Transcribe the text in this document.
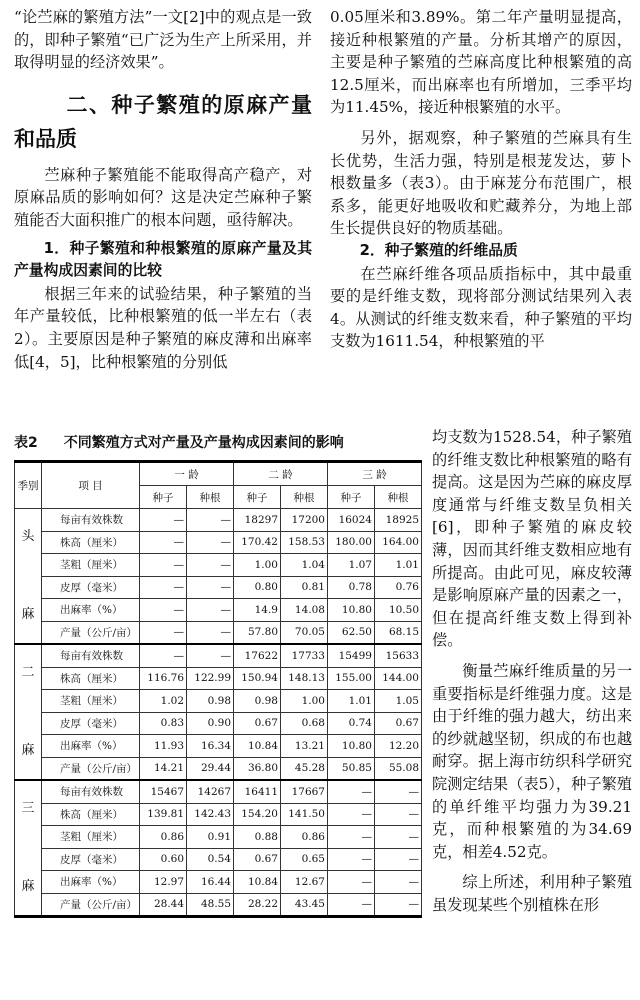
“论苎麻的繁殖方法”一文[2]中的观点是一致的，即种子繁殖“已广泛为生产上所采用，并取得明显的经济效果”。

二、种子繁殖的原麻产量和品质

苎麻种子繁殖能不能取得高产稳产，对原麻品质的影响如何？这是决定苎麻种子繁殖能否大面积推广的根本问题，亟待解决。

1．种子繁殖和种根繁殖的原麻产量及其产量构成因素间的比较

根据三年来的试验结果，种子繁殖的当年产量较低，比种根繁殖的低一半左右（表2）。主要原因是种子繁殖的麻皮薄和出麻率低[4，5]，比种根繁殖的分别低

0.05厘米和3.89%。第二年产量明显提高，接近种根繁殖的产量。分析其增产的原因，主要是种子繁殖的苎麻高度比种根繁殖的高12.5厘米，而出麻率也有所增加，三季平均为11.45%，接近种根繁殖的水平。

另外，据观察，种子繁殖的苎麻具有生长优势，生活力强，特别是根茏发达，萝卜根数量多（表3）。由于麻茏分布范围广，根系多，能更好地吸收和贮藏养分，为地上部生长提供良好的物质基础。

2．种子繁殖的纤维品质

在苎麻纤维各项品质指标中，其中最重要的是纤维支数，现将部分测试结果列入表4。从测试的纤维支数来看，种子繁殖的平均支数为1611.54，种根繁殖的平

均支数为1528.54，种子繁殖的纤维支数比种根繁殖的略有提高。这是因为苎麻的麻皮厚度通常与纤维支数呈负相关[6]，即种子繁殖的麻皮较薄，因而其纤维支数相应地有所提高。由此可见，麻皮较薄是影响原麻产量的因素之一，但在提高纤维支数上得到补偿。

衡量苎麻纤维质量的另一重要指标是纤维强力度。这是由于纤维的强力越大，纺出来的纱就越坚韧，织成的布也越耐穿。据上海市纺织科学研究院测定结果（表5），种子繁殖的单纤维平均强力为39.21克，而种根繁殖的为34.69克，相差4.52克。

综上所述，利用种子繁殖虽发现某些个别植株在形

表2 不同繁殖方式对产量及产量构成因素间的影响
季别	项 目	一 龄		二 龄		三 龄	
		种子	种根	种子	种根	种子	种根
头

麻	每亩有效株数	—	—	18297	17200	16024	18925
	株高（厘米）	—	—	170.42	158.53	180.00	164.00
	茎粗（厘米）	—	—	1.00	1.04	1.07	1.01
	皮厚（毫米）	—	—	0.80	0.81	0.78	0.76
	出麻率（%）	—	—	14.9	14.08	10.80	10.50
	产量（公斤/亩）	—	—	57.80	70.05	62.50	68.15
二

麻	每亩有效株数	—	—	17622	17733	15499	15633
	株高（厘米）	116.76	122.99	150.94	148.13	155.00	144.00
	茎粗（厘米）	1.02	0.98	0.98	1.00	1.01	1.05
	皮厚（毫米）	0.83	0.90	0.67	0.68	0.74	0.67
	出麻率（%）	11.93	16.34	10.84	13.21	10.80	12.20
	产量（公斤/亩）	14.21	29.44	36.80	45.28	50.85	55.08
三

麻	每亩有效株数	15467	14267	16411	17667	—	—
	株高（厘米）	139.81	142.43	154.20	141.50	—	—
	茎粗（厘米）	0.86	0.91	0.88	0.86	—	—
	皮厚（毫米）	0.60	0.54	0.67	0.65	—	—
	出麻率（%）	12.97	16.44	10.84	12.67	—	—
	产量（公斤/亩）	28.44	48.55	28.22	43.45	—	—
